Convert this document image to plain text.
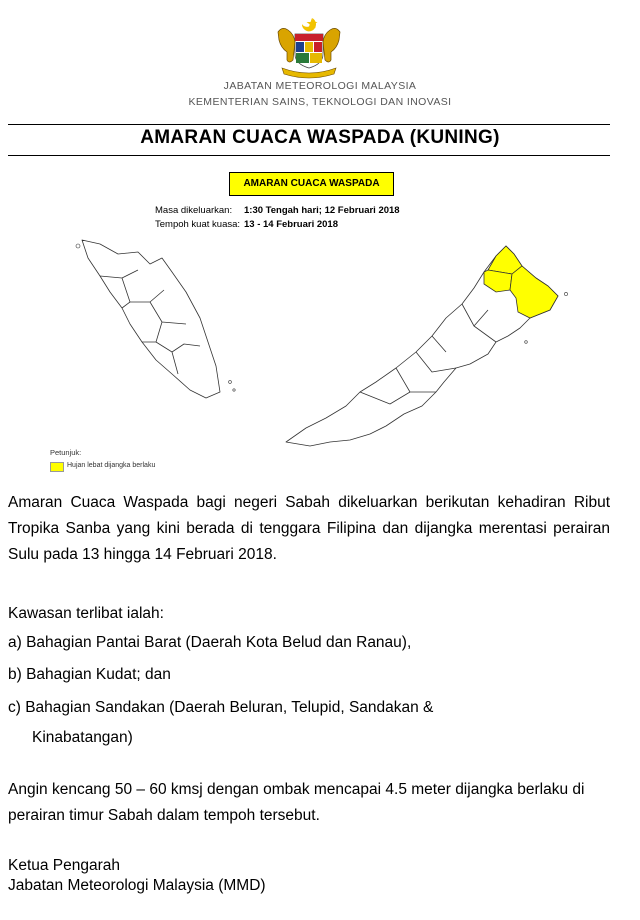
JABATAN METEOROLOGI MALAYSIA
KEMENTERIAN SAINS, TEKNOLOGI DAN INOVASI
AMARAN CUACA WASPADA (KUNING)
AMARAN CUACA WASPADA
Masa dikeluarkan: 1:30 Tengah hari; 12 Februari 2018
Tempoh kuat kuasa: 13 - 14 Februari 2018
Petunjuk:
Hujan lebat dijangka berlaku
Amaran Cuaca Waspada bagi negeri Sabah dikeluarkan berikutan kehadiran Ribut Tropika Sanba yang kini berada di tenggara Filipina dan dijangka merentasi perairan Sulu pada 13 hingga 14 Februari 2018.
Kawasan terlibat ialah:
a) Bahagian Pantai Barat (Daerah Kota Belud dan Ranau),
b) Bahagian Kudat; dan
c) Bahagian Sandakan (Daerah Beluran, Telupid, Sandakan &
Kinabatangan)
Angin kencang 50 – 60 kmsj dengan ombak mencapai 4.5 meter dijangka berlaku di perairan timur Sabah dalam tempoh tersebut.
Ketua Pengarah
Jabatan Meteorologi Malaysia (MMD)
